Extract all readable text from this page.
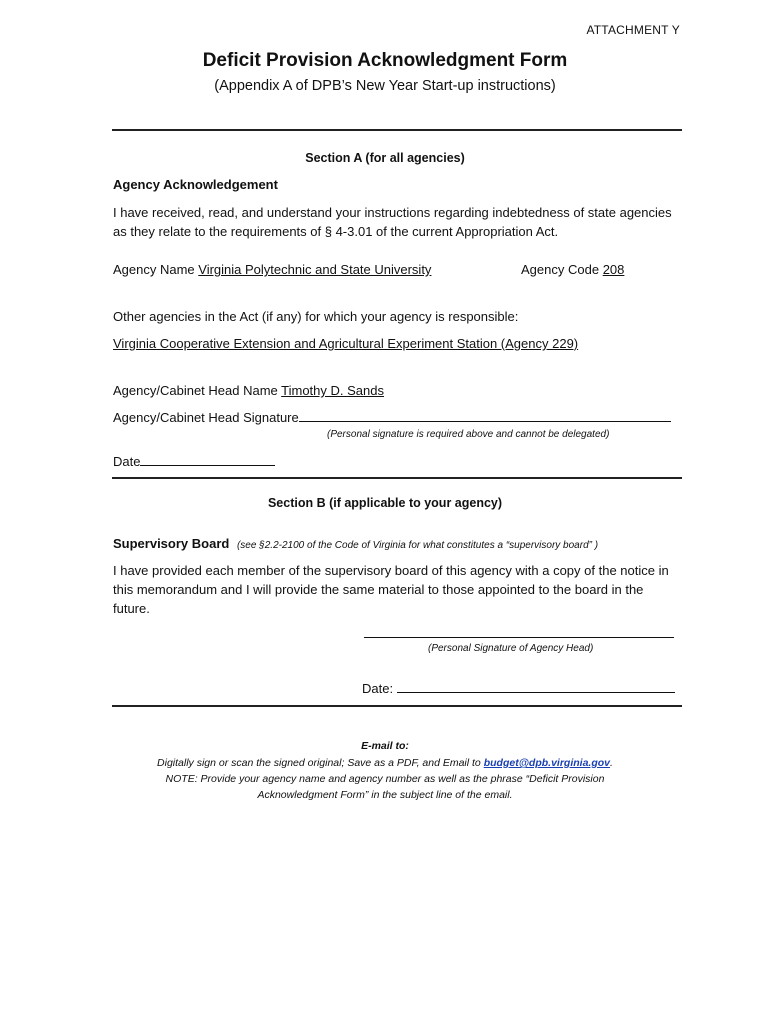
ATTACHMENT Y
Deficit Provision Acknowledgment Form
(Appendix A of DPB’s New Year Start-up instructions)
Section A (for all agencies)
Agency Acknowledgement
I have received, read, and understand your instructions regarding indebtedness of state agencies as they relate to the requirements of § 4-3.01 of the current Appropriation Act.
Agency Name Virginia Polytechnic and State University	Agency Code 208
Other agencies in the Act (if any) for which your agency is responsible:
Virginia Cooperative Extension and Agricultural Experiment Station (Agency 229)
Agency/Cabinet Head Name Timothy D. Sands
Agency/Cabinet Head Signature
(Personal signature is required above and cannot be delegated)
Date
Section B (if applicable to your agency)
Supervisory Board (see §2.2-2100 of the Code of Virginia for what constitutes a “supervisory board” )
I have provided each member of the supervisory board of this agency with a copy of the notice in this memorandum and I will provide the same material to those appointed to the board in the future.
(Personal Signature of Agency Head)
Date:
E-mail to:
Digitally sign or scan the signed original; Save as a PDF, and Email to budget@dpb.virginia.gov.
NOTE: Provide your agency name and agency number as well as the phrase “Deficit Provision
Acknowledgment Form” in the subject line of the email.
